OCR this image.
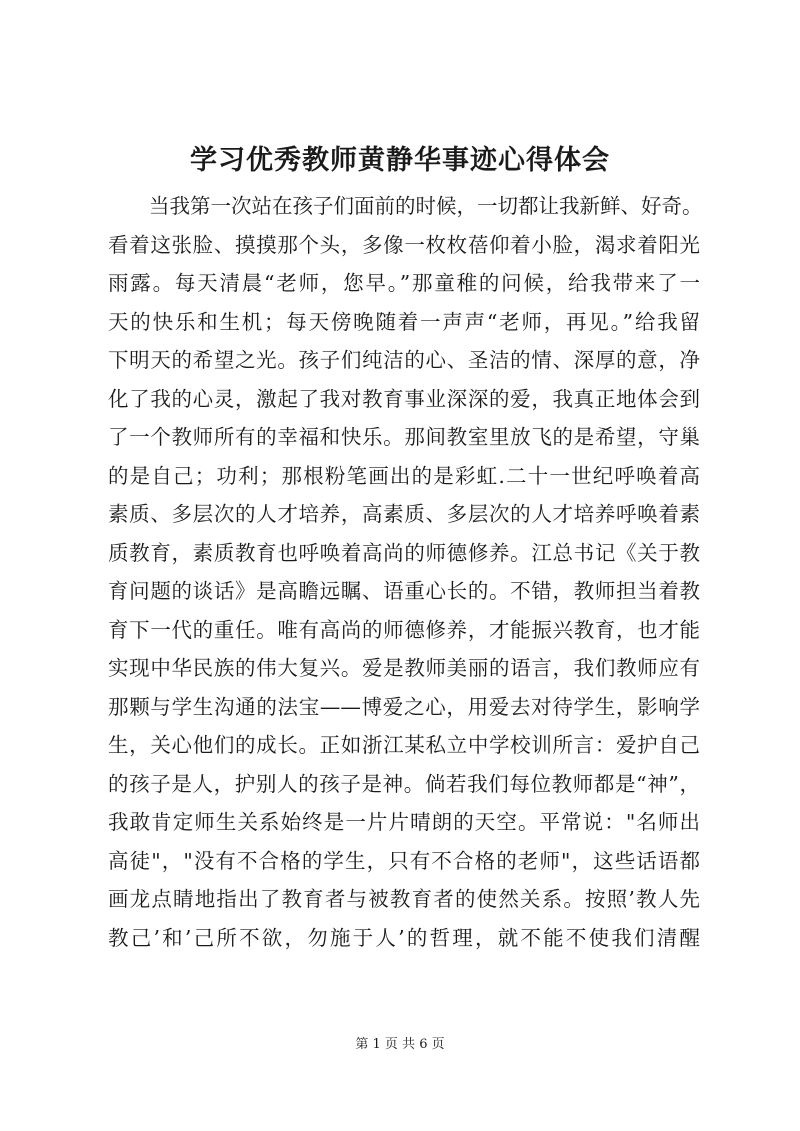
学习优秀教师黄静华事迹心得体会
当我第一次站在孩子们面前的时候，一切都让我新鲜、好奇。
看着这张脸、摸摸那个头，多像一枚枚蓓仰着小脸，渴求着阳光
雨露。每天清晨“老师，您早。”那童稚的问候，给我带来了一
天的快乐和生机；每天傍晚随着一声声“老师，再见。”给我留
下明天的希望之光。孩子们纯洁的心、圣洁的情、深厚的意，净
化了我的心灵，激起了我对教育事业深深的爱，我真正地体会到
了一个教师所有的幸福和快乐。那间教室里放飞的是希望，守巢
的是自己；功利；那根粉笔画出的是彩虹.二十一世纪呼唤着高
素质、多层次的人才培养，高素质、多层次的人才培养呼唤着素
质教育，素质教育也呼唤着高尚的师德修养。江总书记《关于教
育问题的谈话》是高瞻远瞩、语重心长的。不错，教师担当着教
育下一代的重任。唯有高尚的师德修养，才能振兴教育，也才能
实现中华民族的伟大复兴。爱是教师美丽的语言，我们教师应有
那颗与学生沟通的法宝——博爱之心，用爱去对待学生，影响学
生，关心他们的成长。正如浙江某私立中学校训所言：爱护自己
的孩子是人，护别人的孩子是神。倘若我们每位教师都是“神”，
我敢肯定师生关系始终是一片片晴朗的天空。平常说："名师出
高徒"，"没有不合格的学生，只有不合格的老师"，这些话语都
画龙点睛地指出了教育者与被教育者的使然关系。按照’教人先
教己’和’己所不欲，勿施于人’的哲理，就不能不使我们清醒
第 1 页 共 6 页
